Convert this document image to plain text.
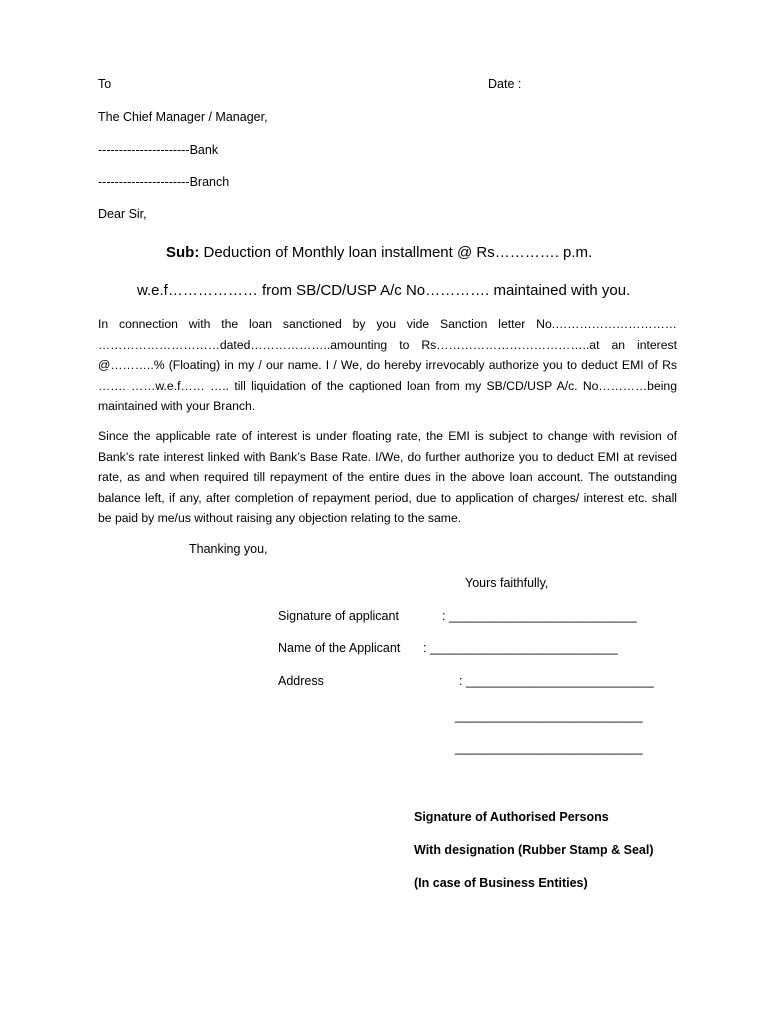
To	Date :
The Chief Manager / Manager,
----------------------Bank
----------------------Branch
Dear Sir,
Sub: Deduction of Monthly loan installment @ Rs…………. p.m.
w.e.f……………… from SB/CD/USP A/c No…………. maintained with you.
In connection with the loan sanctioned by you vide Sanction letter No.………………………… …………………………dated………………..amounting to Rs………………………………..at an interest @………..% (Floating) in my / our name. I / We, do hereby irrevocably authorize you to deduct EMI of Rs ……. ……w.e.f…… ….. till liquidation of the captioned loan from my SB/CD/USP A/c. No…………being maintained with your Branch.
Since the applicable rate of interest is under floating rate, the EMI is subject to change with revision of Bank’s rate interest linked with Bank’s Base Rate. I/We, do further authorize you to deduct EMI at revised rate, as and when required till repayment of the entire dues in the above loan account. The outstanding balance left, if any, after completion of repayment period, due to application of charges/ interest etc. shall be paid by me/us without raising any objection relating to the same.
Thanking you,
Yours faithfully,
Signature of applicant	: ___________________________
Name of the Applicant : ___________________________
Address	: ___________________________
___________________________
___________________________
Signature of Authorised Persons
With designation (Rubber Stamp & Seal)
(In case of Business Entities)
